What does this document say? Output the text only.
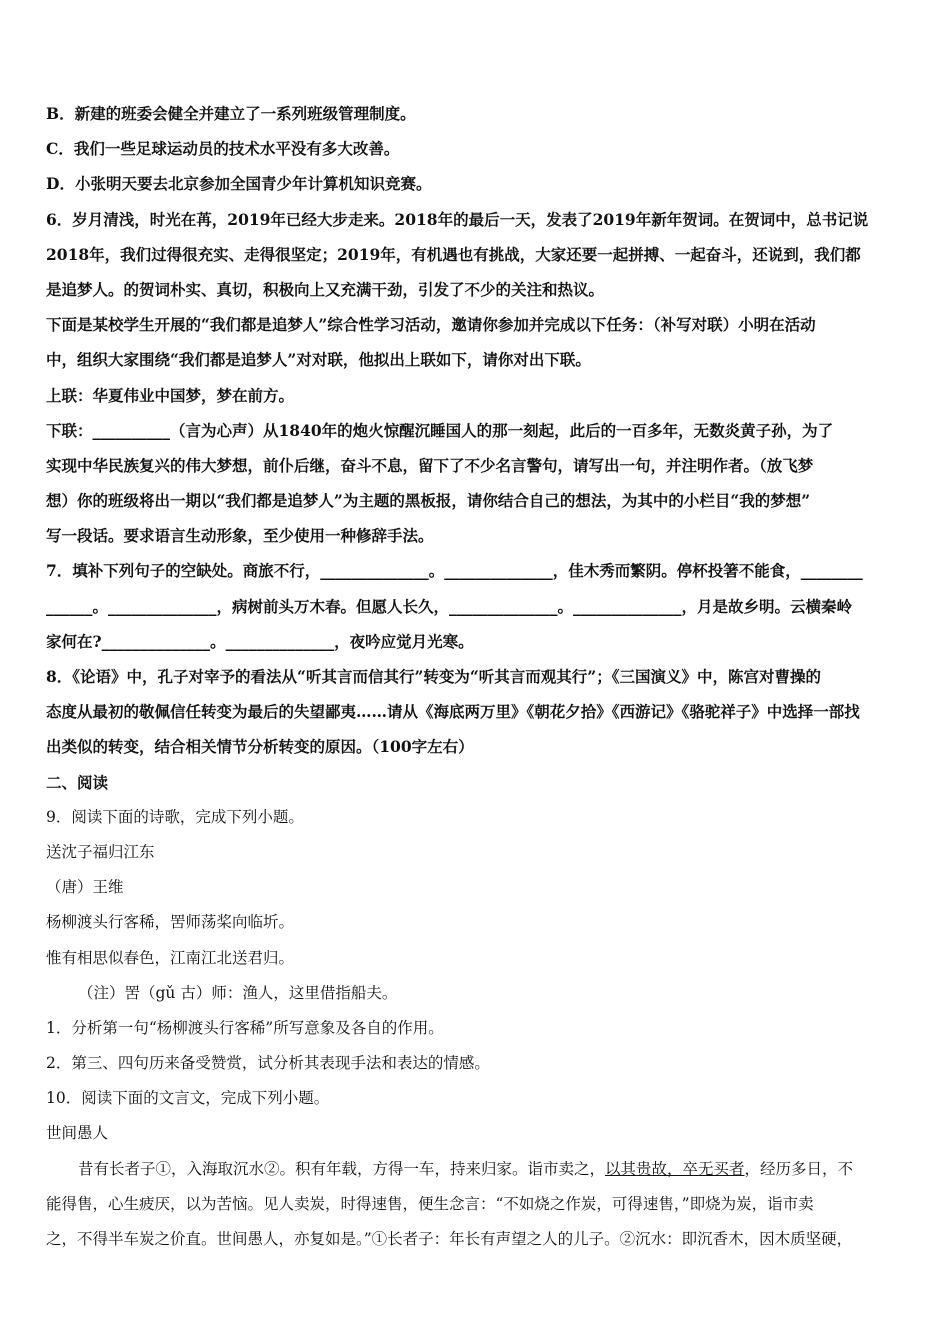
B．新建的班委会健全并建立了一系列班级管理制度。
C．我们一些足球运动员的技术水平没有多大改善。
D．小张明天要去北京参加全国青少年计算机知识竞赛。
6．岁月清浅，时光在苒，2019年已经大步走来。2018年的最后一天，发表了2019年新年贺词。在贺词中，总书记说
2018年，我们过得很充实、走得很坚定；2019年，有机遇也有挑战，大家还要一起拼搏、一起奋斗，还说到，我们都
是追梦人。的贺词朴实、真切，积极向上又充满干劲，引发了不少的关注和热议。
下面是某校学生开展的“我们都是追梦人”综合性学习活动，邀请你参加并完成以下任务：（补写对联）小明在活动
中，组织大家围绕“我们都是追梦人”对对联，他拟出上联如下，请你对出下联。
上联：华夏伟业中国梦，梦在前方。
下联：__________（言为心声）从1840年的炮火惊醒沉睡国人的那一刻起，此后的一百多年，无数炎黄子孙，为了
实现中华民族复兴的伟大梦想，前仆后继，奋斗不息，留下了不少名言警句，请写出一句，并注明作者。（放飞梦
想）你的班级将出一期以“我们都是追梦人”为主题的黑板报，请你结合自己的想法，为其中的小栏目“我的梦想”
写一段话。要求语言生动形象，至少使用一种修辞手法。
7．填补下列句子的空缺处。商旅不行，______________。______________，佳木秀而繁阴。停杯投箸不能食，________
______。______________，病树前头万木春。但愿人长久，______________。______________，月是故乡明。云横秦岭
家何在?______________。______________，夜吟应觉月光寒。
8．《论语》中，孔子对宰予的看法从“听其言而信其行”转变为“听其言而观其行”；《三国演义》中，陈宫对曹操的
态度从最初的敬佩信任转变为最后的失望鄙夷……请从《海底两万里》《朝花夕拾》《西游记》《骆驼祥子》中选择一部找
出类似的转变，结合相关情节分析转变的原因。（100字左右）
二、阅读
9．阅读下面的诗歌，完成下列小题。
送沈子福归江东
（唐）王维
杨柳渡头行客稀，罟师荡桨向临圻。
惟有相思似春色，江南江北送君归。
（注）罟（gǔ 古）师：渔人，这里借指船夫。
1．分析第一句“杨柳渡头行客稀”所写意象及各自的作用。
2．第三、四句历来备受赞赏，试分析其表现手法和表达的情感。
10．阅读下面的文言文，完成下列小题。
世间愚人
昔有长者子①，入海取沉水②。积有年载，方得一车，持来归家。诣市卖之，以其贵故，卒无买者，经历多日，不
能得售，心生疲厌，以为苦恼。见人卖炭，时得速售，便生念言：“不如烧之作炭，可得速售，”即烧为炭，诣市卖
之，不得半车炭之价直。世间愚人，亦复如是。”①长者子：年长有声望之人的儿子。②沉水：即沉香木，因木质坚硬，
